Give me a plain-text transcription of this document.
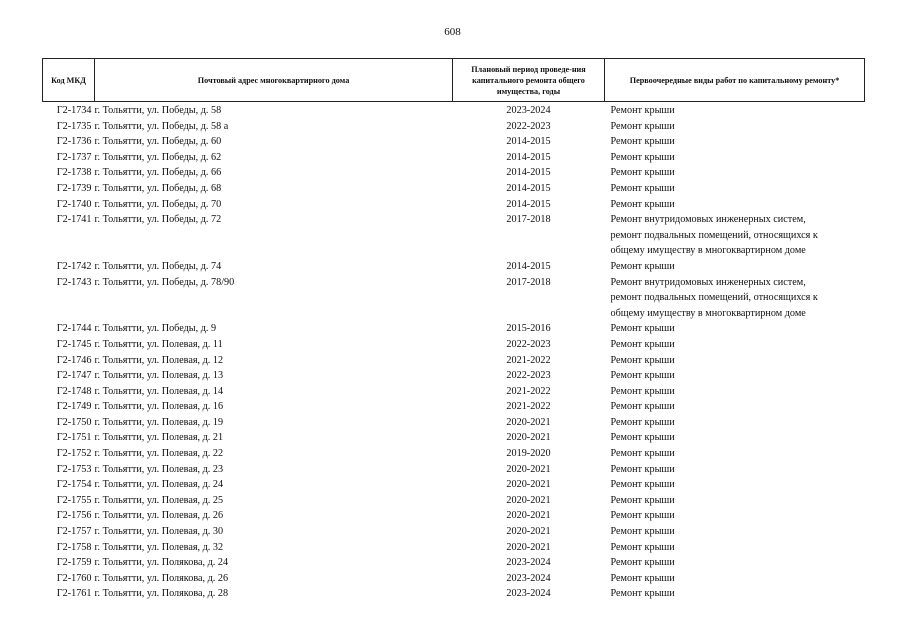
608
Код МКД	Почтовый адрес многоквартирного дома	Плановый период проведе-ния капитального ремонта общего имущества, годы	Первоочередные виды работ по капитальному ремонту*
Г2-1734	г. Тольятти, ул. Победы, д. 58	2023-2024	Ремонт крыши

Г2-1735	г. Тольятти, ул. Победы, д. 58 а	2022-2023	Ремонт крыши

Г2-1736	г. Тольятти, ул. Победы, д. 60	2014-2015	Ремонт крыши

Г2-1737	г. Тольятти, ул. Победы, д. 62	2014-2015	Ремонт крыши

Г2-1738	г. Тольятти, ул. Победы, д. 66	2014-2015	Ремонт крыши

Г2-1739	г. Тольятти, ул. Победы, д. 68	2014-2015	Ремонт крыши

Г2-1740	г. Тольятти, ул. Победы, д. 70	2014-2015	Ремонт крыши

Г2-1741	г. Тольятти, ул. Победы, д. 72	2017-2018	Ремонт внутридомовых инженерных систем,
ремонт подвальных помещений, относящихся к
общему имуществу в многоквартирном доме

Г2-1742	г. Тольятти, ул. Победы, д. 74	2014-2015	Ремонт крыши

Г2-1743	г. Тольятти, ул. Победы, д. 78/90	2017-2018	Ремонт внутридомовых инженерных систем,
ремонт подвальных помещений, относящихся к
общему имуществу в многоквартирном доме

Г2-1744	г. Тольятти, ул. Победы, д. 9	2015-2016	Ремонт крыши

Г2-1745	г. Тольятти, ул. Полевая, д. 11	2022-2023	Ремонт крыши

Г2-1746	г. Тольятти, ул. Полевая, д. 12	2021-2022	Ремонт крыши

Г2-1747	г. Тольятти, ул. Полевая, д. 13	2022-2023	Ремонт крыши

Г2-1748	г. Тольятти, ул. Полевая, д. 14	2021-2022	Ремонт крыши

Г2-1749	г. Тольятти, ул. Полевая, д. 16	2021-2022	Ремонт крыши

Г2-1750	г. Тольятти, ул. Полевая, д. 19	2020-2021	Ремонт крыши

Г2-1751	г. Тольятти, ул. Полевая, д. 21	2020-2021	Ремонт крыши

Г2-1752	г. Тольятти, ул. Полевая, д. 22	2019-2020	Ремонт крыши

Г2-1753	г. Тольятти, ул. Полевая, д. 23	2020-2021	Ремонт крыши

Г2-1754	г. Тольятти, ул. Полевая, д. 24	2020-2021	Ремонт крыши

Г2-1755	г. Тольятти, ул. Полевая, д. 25	2020-2021	Ремонт крыши

Г2-1756	г. Тольятти, ул. Полевая, д. 26	2020-2021	Ремонт крыши

Г2-1757	г. Тольятти, ул. Полевая, д. 30	2020-2021	Ремонт крыши

Г2-1758	г. Тольятти, ул. Полевая, д. 32	2020-2021	Ремонт крыши

Г2-1759	г. Тольятти, ул. Полякова, д. 24	2023-2024	Ремонт крыши

Г2-1760	г. Тольятти, ул. Полякова, д. 26	2023-2024	Ремонт крыши

Г2-1761	г. Тольятти, ул. Полякова, д. 28	2023-2024	Ремонт крыши
